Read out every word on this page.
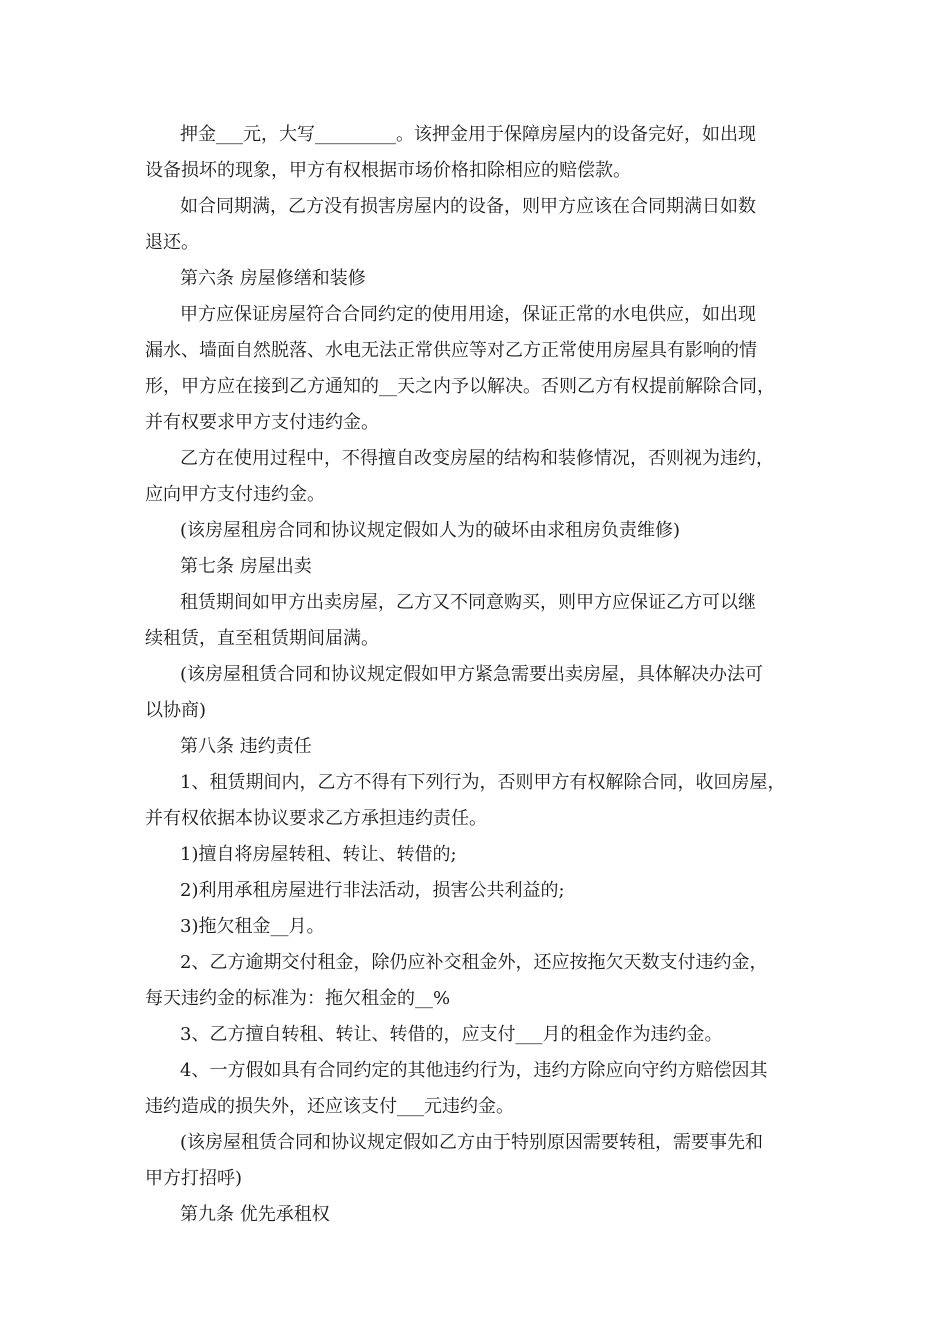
押金___元，大写_________。该押金用于保障房屋内的设备完好，如出现
设备损坏的现象，甲方有权根据市场价格扣除相应的赔偿款。
如合同期满，乙方没有损害房屋内的设备，则甲方应该在合同期满日如数
退还。
第六条 房屋修缮和装修
甲方应保证房屋符合合同约定的使用用途，保证正常的水电供应，如出现
漏水、墙面自然脱落、水电无法正常供应等对乙方正常使用房屋具有影响的情
形，甲方应在接到乙方通知的__天之内予以解决。否则乙方有权提前解除合同，
并有权要求甲方支付违约金。
乙方在使用过程中，不得擅自改变房屋的结构和装修情况，否则视为违约，
应向甲方支付违约金。
(该房屋租房合同和协议规定假如人为的破坏由求租房负责维修)
第七条 房屋出卖
租赁期间如甲方出卖房屋，乙方又不同意购买，则甲方应保证乙方可以继
续租赁，直至租赁期间届满。
(该房屋租赁合同和协议规定假如甲方紧急需要出卖房屋，具体解决办法可
以协商)
第八条 违约责任
1、租赁期间内，乙方不得有下列行为，否则甲方有权解除合同，收回房屋，
并有权依据本协议要求乙方承担违约责任。
1)擅自将房屋转租、转让、转借的;
2)利用承租房屋进行非法活动，损害公共利益的;
3)拖欠租金__月。
2、乙方逾期交付租金，除仍应补交租金外，还应按拖欠天数支付违约金，
每天违约金的标准为：拖欠租金的__%
3、乙方擅自转租、转让、转借的，应支付___月的租金作为违约金。
4、一方假如具有合同约定的其他违约行为，违约方除应向守约方赔偿因其
违约造成的损失外，还应该支付___元违约金。
(该房屋租赁合同和协议规定假如乙方由于特别原因需要转租，需要事先和
甲方打招呼)
第九条 优先承租权
